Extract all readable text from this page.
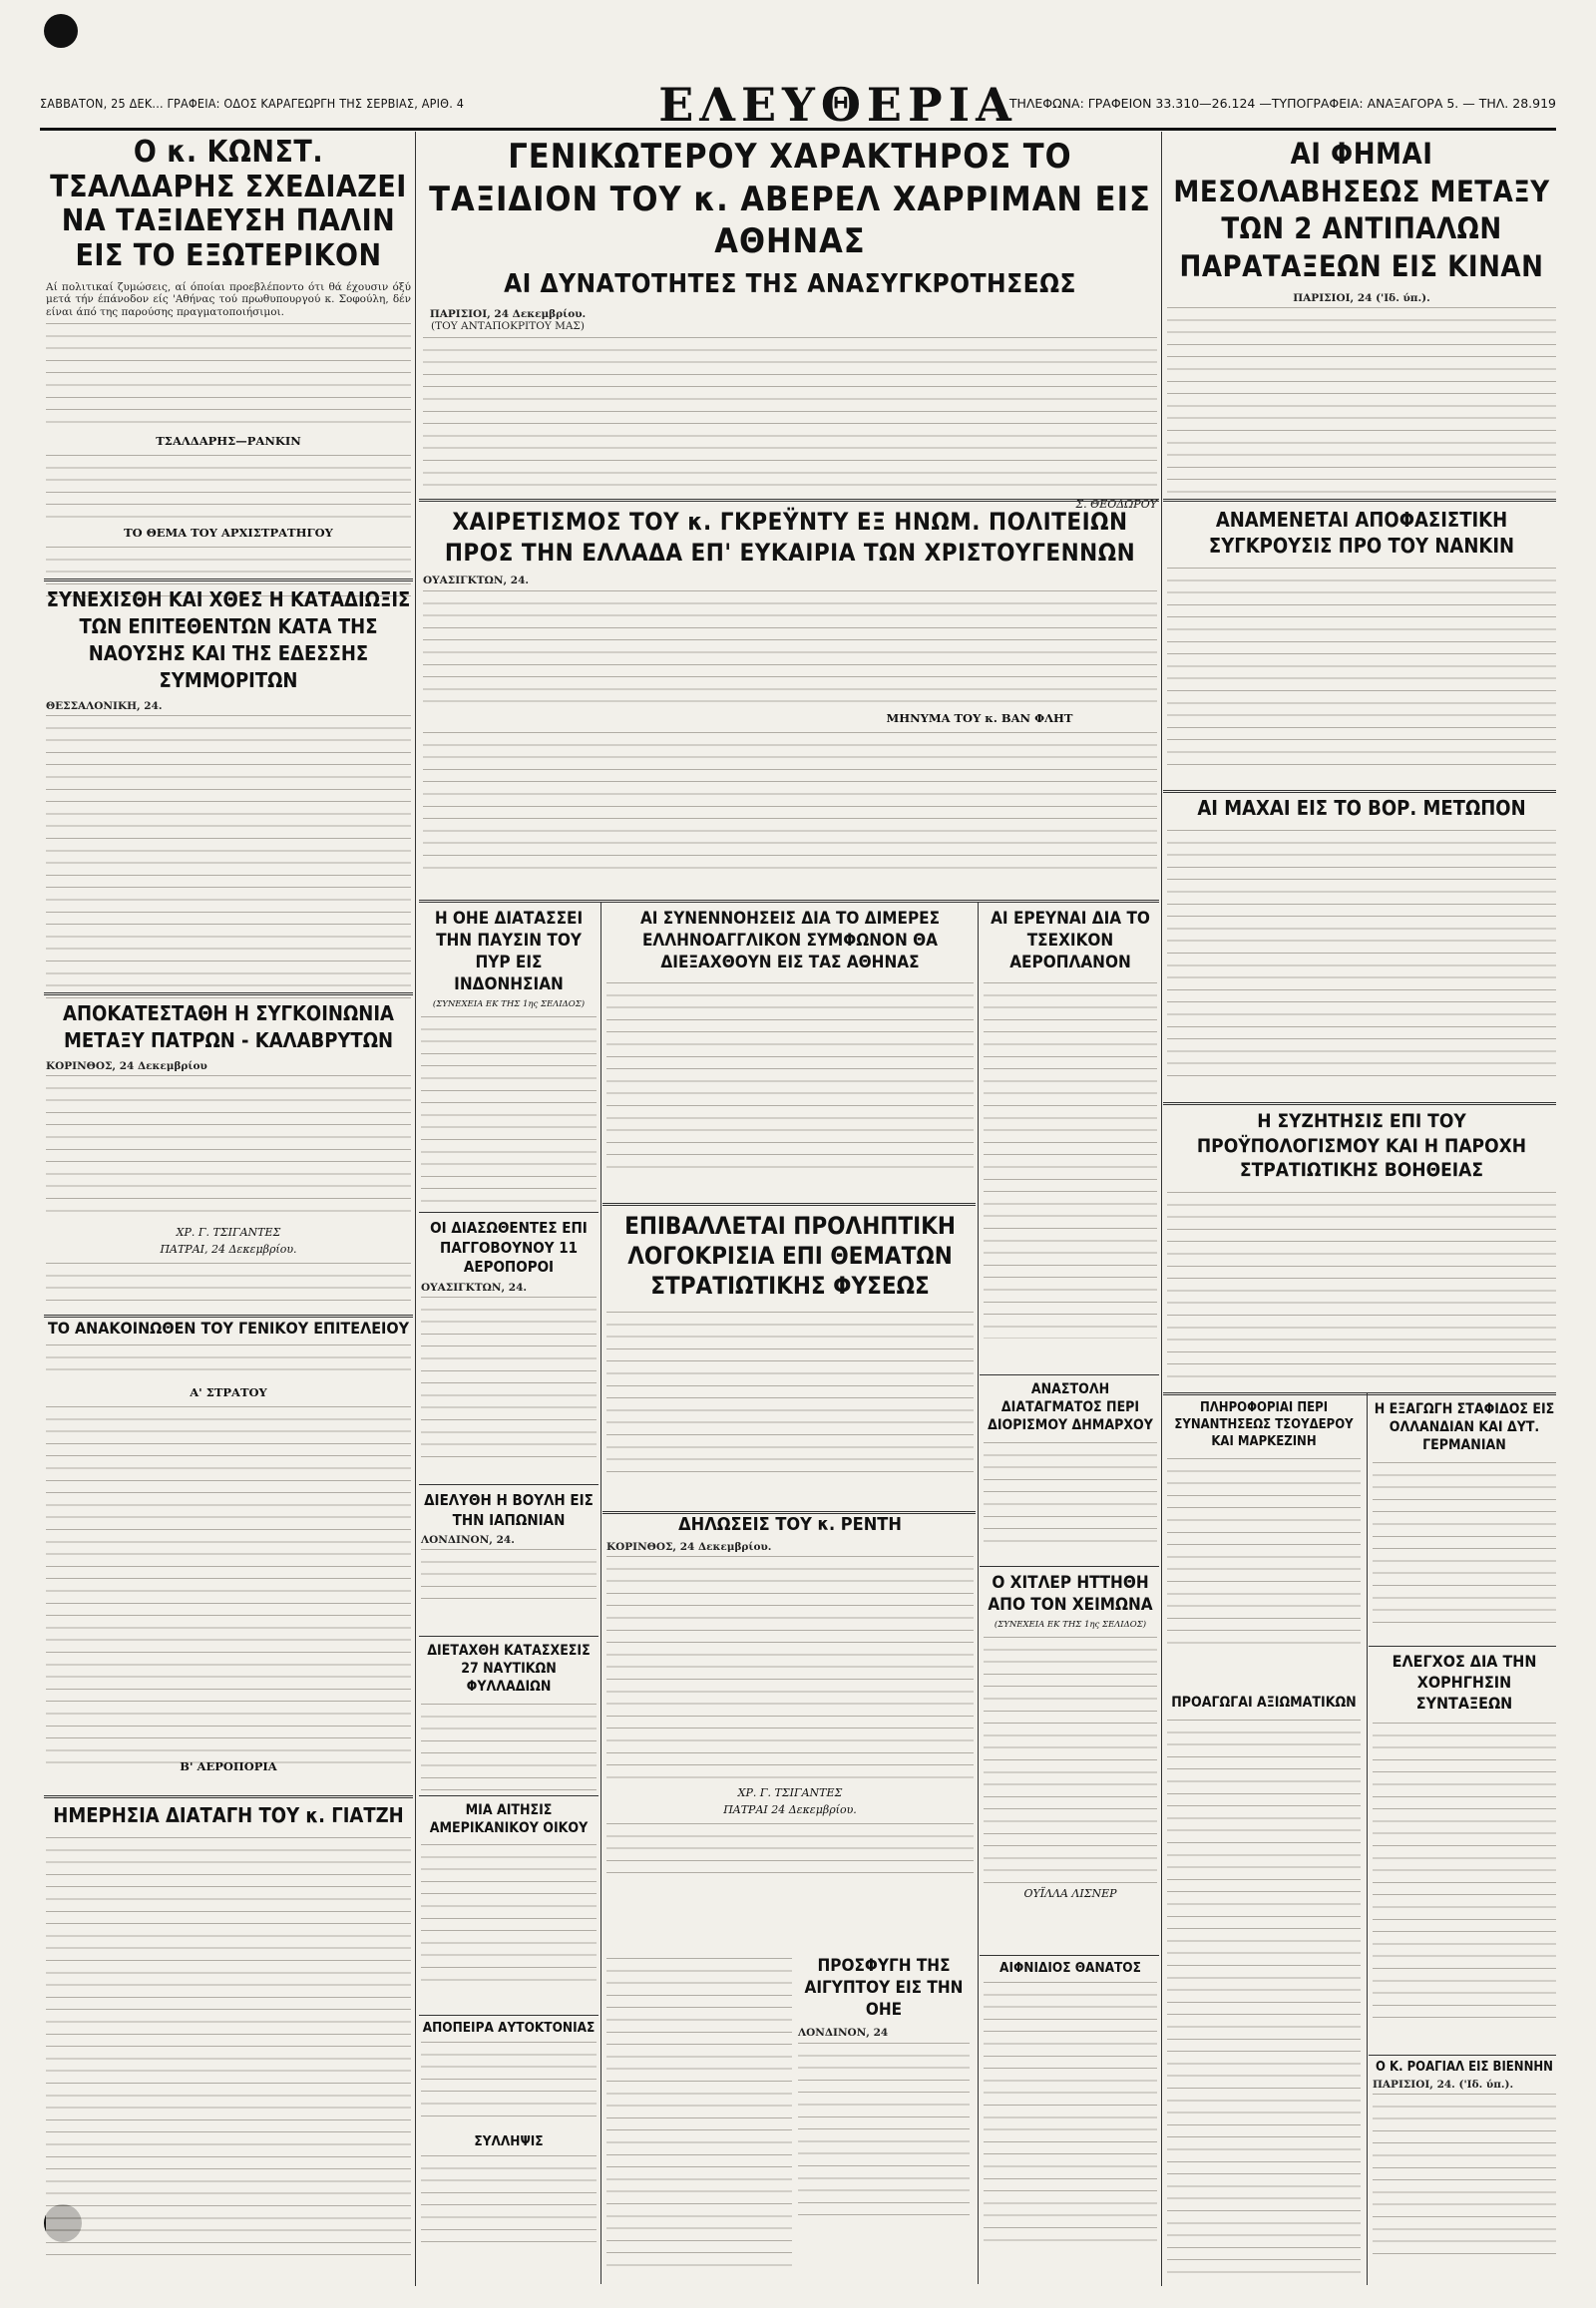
ΣΑΒΒΑΤΟΝ, 25 ΔΕΚ... ΓΡΑΦΕΙΑ: ΟΔΟΣ ΚΑΡΑΓΕΩΡΓΗ ΤΗΣ ΣΕΡΒΙΑΣ, ΑΡΙΘ. 4	ΕΛΕΥΘΕΡΙΑ
ΤΗΛΕΦΩΝΑ: ΓΡΑΦΕΙΟΝ 33.310—26.124 —ΤΥΠΟΓΡΑΦΕΙΑ: ΑΝΑΞΑΓΟΡΑ 5. — ΤΗΛ. 28.919
Ο κ. ΚΩΝΣΤ. ΤΣΑΛΔΑΡΗΣ ΣΧΕΔΙΑΖΕΙ ΝΑ ΤΑΞΙΔΕΥΣΗ ΠΑΛΙΝ ΕΙΣ ΤΟ ΕΞΩΤΕΡΙΚΟΝ

Αί πολιτικαί ζυμώσεις, αί όποίαι προεβλέποντο ότι θά έχουσιν όξύ μετά τήν έπάνοδον είς 'Αθήνας τού πρωθυπουργού κ. Σοφούλη, δέν είναι άπό της παρούσης πραγματοποιήσιμοι.

ΤΣΑΛΔΑΡΗΣ—ΡΑΝΚΙΝ
ΤΟ ΘΕΜΑ ΤΟΥ ΑΡΧΙΣΤΡΑΤΗΓΟΥ
ΣΥΝΕΧΙΣΘΗ ΚΑΙ ΧΘΕΣ Η ΚΑΤΑΔΙΩΞΙΣ ΤΩΝ ΕΠΙΤΕΘΕΝΤΩΝ ΚΑΤΑ ΤΗΣ ΝΑΟΥΣΗΣ ΚΑΙ ΤΗΣ ΕΔΕΣΣΗΣ ΣΥΜΜΟΡΙΤΩΝ
ΘΕΣΣΑΛΟΝΙΚΗ, 24.
ΑΠΟΚΑΤΕΣΤΑΘΗ Η ΣΥΓΚΟΙΝΩΝΙΑ ΜΕΤΑΞΥ ΠΑΤΡΩΝ - ΚΑΛΑΒΡΥΤΩΝ
ΚΟΡΙΝΘΟΣ, 24 Δεκεμβρίου
ΧΡ. Γ. ΤΣΙΓΑΝΤΕΣ
ΠΑΤΡΑΙ, 24 Δεκεμβρίου.
ΤΟ ΑΝΑΚΟΙΝΩΘΕΝ ΤΟΥ ΓΕΝΙΚΟΥ ΕΠΙΤΕΛΕΙΟΥ
Α' ΣΤΡΑΤΟΥ
ΗΜΕΡΗΣΙΑ ΔΙΑΤΑΓΗ ΤΟΥ κ. ΓΙΑΤΖΗ
ΓΕΝΙΚΩΤΕΡΟΥ ΧΑΡΑΚΤΗΡΟΣ ΤΟ ΤΑΞΙΔΙΟΝ ΤΟΥ κ. ΑΒΕΡΕΛ ΧΑΡΡΙΜΑΝ ΕΙΣ ΑΘΗΝΑΣ
ΑΙ ΔΥΝΑΤΟΤΗΤΕΣ ΤΗΣ ΑΝΑΣΥΓΚΡΟΤΗΣΕΩΣ
ΠΑΡΙΣΙΟΙ, 24 Δεκεμβρίου.
(ΤΟΥ ΑΝΤΑΠΟΚΡΙΤΟΥ ΜΑΣ)
Σ. ΘΕΟΔΩΡΟΥ
ΧΑΙΡΕΤΙΣΜΟΣ ΤΟΥ κ. ΓΚΡΕΫΝΤΥ ΕΞ ΗΝΩΜ. ΠΟΛΙΤΕΙΩΝ ΠΡΟΣ ΤΗΝ ΕΛΛΑΔΑ ΕΠ' ΕΥΚΑΙΡΙΑ ΤΩΝ ΧΡΙΣΤΟΥΓΕΝΝΩΝ
ΟΥΑΣΙΓΚΤΩΝ, 24.
ΜΗΝΥΜΑ ΤΟΥ κ. ΒΑΝ ΦΛΗΤ
Η ΟΗΕ ΔΙΑΤΑΣΣΕΙ ΤΗΝ ΠΑΥΣΙΝ ΤΟΥ ΠΥΡ ΕΙΣ ΙΝΔΟΝΗΣΙΑΝ
(ΣΥΝΕΧΕΙΑ ΕΚ ΤΗΣ 1ης ΣΕΛΙΔΟΣ)
ΟΙ ΔΙΑΣΩΘΕΝΤΕΣ ΕΠΙ ΠΑΓΓΟΒΟΥΝΟΥ 11 ΑΕΡΟΠΟΡΟΙ
ΟΥΑΣΙΓΚΤΩΝ, 24.
ΔΙΕΛΥΘΗ Η ΒΟΥΛΗ ΕΙΣ ΤΗΝ ΙΑΠΩΝΙΑΝ
ΛΟΝΔΙΝΟΝ, 24.
ΔΙΕΤΑΧΘΗ ΚΑΤΑΣΧΕΣΙΣ 27 ΝΑΥΤΙΚΩΝ ΦΥΛΛΑΔΙΩΝ
ΜΙΑ ΑΙΤΗΣΙΣ ΑΜΕΡΙΚΑΝΙΚΟΥ ΟΙΚΟΥ
ΑΠΟΠΕΙΡΑ ΑΥΤΟΚΤΟΝΙΑΣ
ΣΥΛΛΗΨΙΣ
ΑΙ ΣΥΝΕΝΝΟΗΣΕΙΣ ΔΙΑ ΤΟ ΔΙΜΕΡΕΣ ΕΛΛΗΝΟΑΓΓΛΙΚΟΝ ΣΥΜΦΩΝΟΝ ΘΑ ΔΙΕΞΑΧΘΟΥΝ ΕΙΣ ΤΑΣ ΑΘΗΝΑΣ
ΕΠΙΒΑΛΛΕΤΑΙ ΠΡΟΛΗΠΤΙΚΗ ΛΟΓΟΚΡΙΣΙΑ ΕΠΙ ΘΕΜΑΤΩΝ ΣΤΡΑΤΙΩΤΙΚΗΣ ΦΥΣΕΩΣ
ΔΗΛΩΣΕΙΣ ΤΟΥ κ. ΡΕΝΤΗ
ΚΟΡΙΝΘΟΣ, 24 Δεκεμβρίου.
ΧΡ. Γ. ΤΣΙΓΑΝΤΕΣ
ΠΑΤΡΑΙ 24 Δεκεμβρίου.
ΠΡΟΣΦΥΓΗ ΤΗΣ ΑΙΓΥΠΤΟΥ ΕΙΣ ΤΗΝ ΟΗΕ
ΛΟΝΔΙΝΟΝ, 24
ΑΙ ΕΡΕΥΝΑΙ ΔΙΑ ΤΟ ΤΣΕΧΙΚΟΝ ΑΕΡΟΠΛΑΝΟΝ
ΑΝΑΣΤΟΛΗ ΔΙΑΤΑΓΜΑΤΟΣ ΠΕΡΙ ΔΙΟΡΙΣΜΟΥ ΔΗΜΑΡΧΟΥ
Ο ΧΙΤΛΕΡ ΗΤΤΗΘΗ ΑΠΟ ΤΟΝ ΧΕΙΜΩΝΑ
(ΣΥΝΕΧΕΙΑ ΕΚ ΤΗΣ 1ης ΣΕΛΙΔΟΣ)
ΟΥΪΛΛΑ ΛΙΣΝΕΡ
ΑΙΦΝΙΔΙΟΣ ΘΑΝΑΤΟΣ
ΑΙ ΦΗΜΑΙ ΜΕΣΟΛΑΒΗΣΕΩΣ ΜΕΤΑΞΥ ΤΩΝ 2 ΑΝΤΙΠΑΛΩΝ ΠΑΡΑΤΑΞΕΩΝ ΕΙΣ ΚΙΝΑΝ
ΠΑΡΙΣΙΟΙ, 24 ('Ιδ. ύπ.).
ΑΝΑΜΕΝΕΤΑΙ ΑΠΟΦΑΣΙΣΤΙΚΗ ΣΥΓΚΡΟΥΣΙΣ ΠΡΟ ΤΟΥ ΝΑΝΚΙΝ
ΑΙ ΜΑΧΑΙ ΕΙΣ ΤΟ ΒΟΡ. ΜΕΤΩΠΟΝ
Η ΣΥΖΗΤΗΣΙΣ ΕΠΙ ΤΟΥ ΠΡΟΫΠΟΛΟΓΙΣΜΟΥ ΚΑΙ Η ΠΑΡΟΧΗ ΣΤΡΑΤΙΩΤΙΚΗΣ ΒΟΗΘΕΙΑΣ
ΠΛΗΡΟΦΟΡΙΑΙ ΠΕΡΙ ΣΥΝΑΝΤΗΣΕΩΣ ΤΣΟΥΔΕΡΟΥ ΚΑΙ ΜΑΡΚΕΖΙΝΗ
ΠΡΟΑΓΩΓΑΙ ΑΞΙΩΜΑΤΙΚΩΝ
Η ΕΞΑΓΩΓΗ ΣΤΑΦΙΔΟΣ ΕΙΣ ΟΛΛΑΝΔΙΑΝ ΚΑΙ ΔΥΤ. ΓΕΡΜΑΝΙΑΝ
ΕΛΕΓΧΟΣ ΔΙΑ ΤΗΝ ΧΟΡΗΓΗΣΙΝ ΣΥΝΤΑΞΕΩΝ
Ο Κ. ΡΟΑΓΙΑΛ ΕΙΣ ΒΙΕΝΝΗΝ
ΠΑΡΙΣΙΟΙ, 24. ('Ιδ. ύπ.).
Β' ΑΕΡΟΠΟΡΙΑ
